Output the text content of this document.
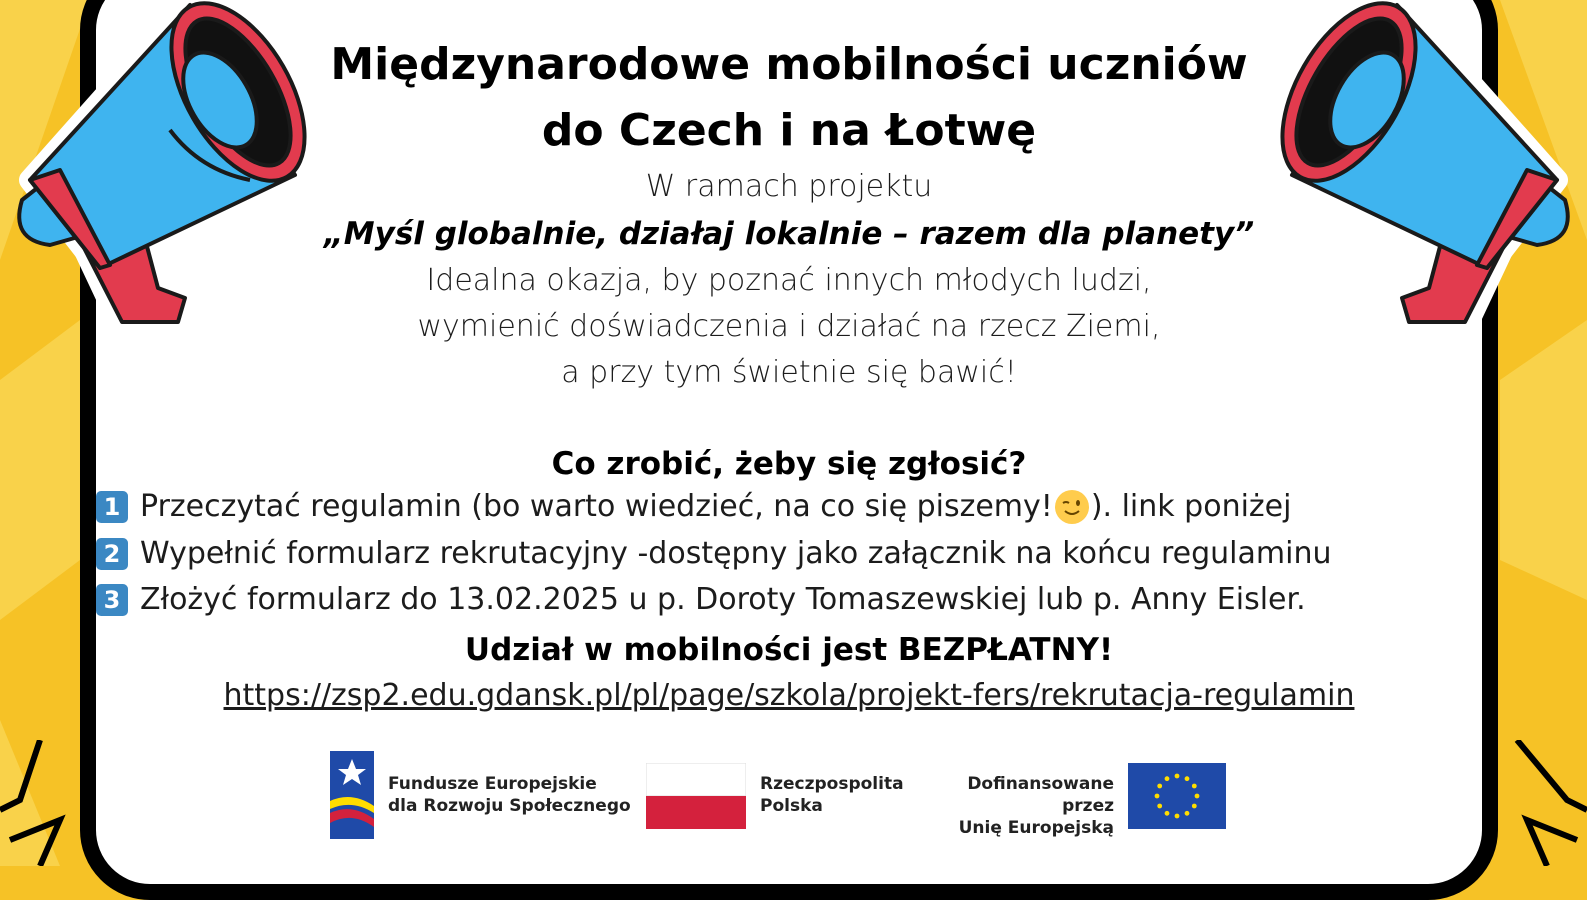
Międzynarodowe mobilności uczniów
do Czech i na Łotwę
W ramach projektu
„Myśl globalnie, działaj lokalnie – razem dla planety”
Idealna okazja, by poznać innych młodych ludzi,
wymienić doświadczenia i działać na rzecz Ziemi,
a przy tym świetnie się bawić!
Co zrobić, żeby się zgłosić?
1 Przeczytać regulamin (bo warto wiedzieć, na co się piszemy! ). link poniżej
2 Wypełnić formularz rekrutacyjny -dostępny jako załącznik na końcu regulaminu
3 Złożyć formularz do 13.02.2025 u p. Doroty Tomaszewskiej lub p. Anny Eisler.
Udział w mobilności jest BEZPŁATNY!
https://zsp2.edu.gdansk.pl/pl/page/szkola/projekt-fers/rekrutacja-regulamin
Fundusze Europejskie
dla Rozwoju Społecznego
Rzeczpospolita
Polska
Dofinansowane przez
Unię Europejską
